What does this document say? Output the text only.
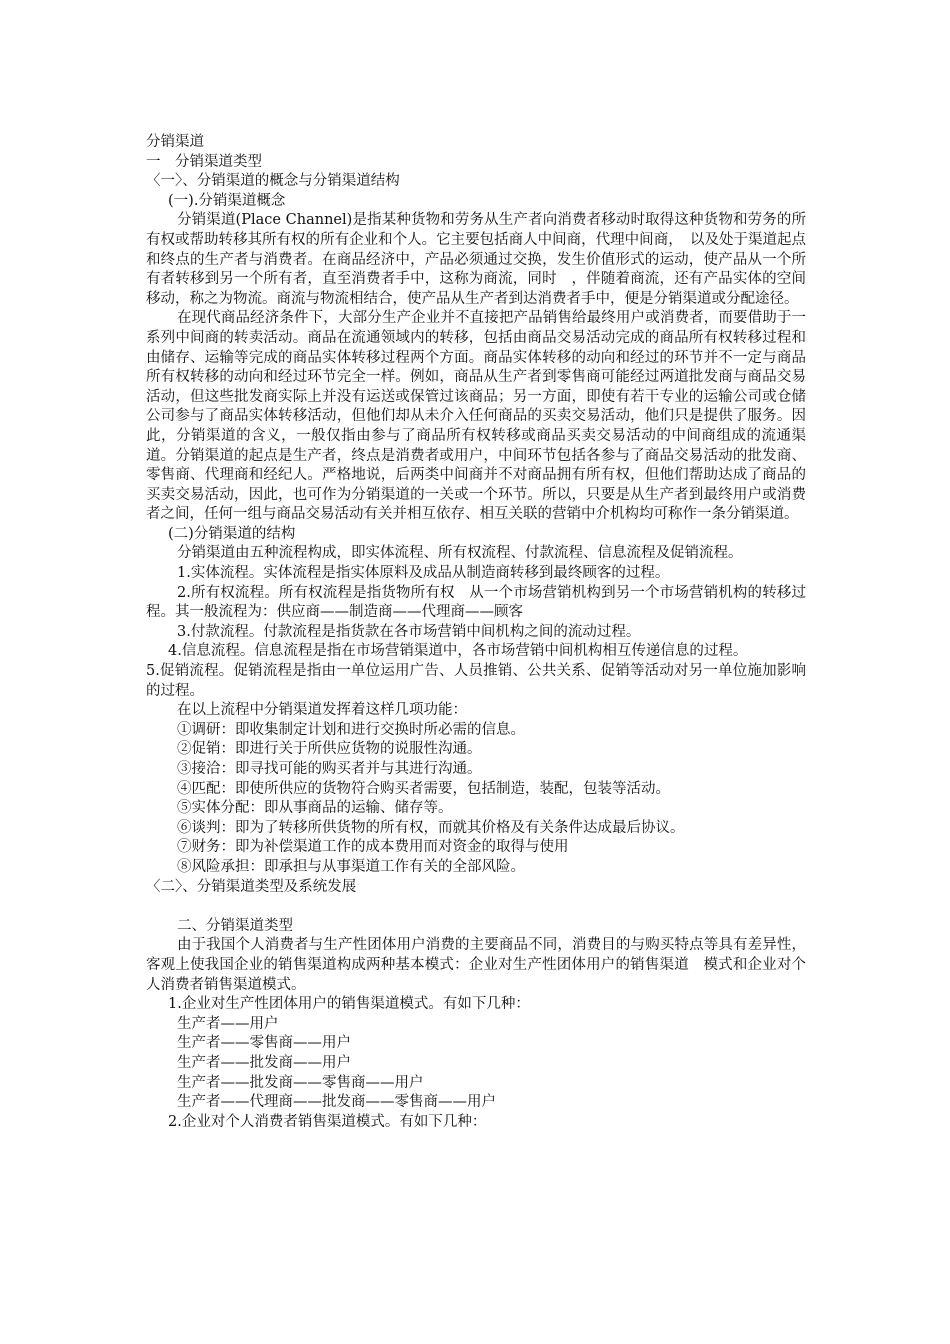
分销渠道

一　分销渠道类型

〈一〉、分销渠道的概念与分销渠道结构

(一).分销渠道概念

分销渠道(Place Channel)是指某种货物和劳务从生产者向消费者移动时取得这种货物和劳务的所有权或帮助转移其所有权的所有企业和个人。它主要包括商人中间商，代理中间商，　以及处于渠道起点和终点的生产者与消费者。在商品经济中，产品必须通过交换，发生价值形式的运动，使产品从一个所有者转移到另一个所有者，直至消费者手中，这称为商流，同时　，伴随着商流，还有产品实体的空间移动，称之为物流。商流与物流相结合，使产品从生产者到达消费者手中，便是分销渠道或分配途径。

在现代商品经济条件下，大部分生产企业并不直接把产品销售给最终用户或消费者，而要借助于一系列中间商的转卖活动。商品在流通领域内的转移，包括由商品交易活动完成的商品所有权转移过程和由储存、运输等完成的商品实体转移过程两个方面。商品实体转移的动向和经过的环节并不一定与商品所有权转移的动向和经过环节完全一样。例如，商品从生产者到零售商可能经过两道批发商与商品交易活动，但这些批发商实际上并没有运送或保管过该商品；另一方面，即使有若干专业的运输公司或仓储公司参与了商品实体转移活动，但他们却从未介入任何商品的买卖交易活动，他们只是提供了服务。因此，分销渠道的含义，一般仅指由参与了商品所有权转移或商品买卖交易活动的中间商组成的流通渠道。分销渠道的起点是生产者，终点是消费者或用户，中间环节包括各参与了商品交易活动的批发商、零售商、代理商和经纪人。严格地说，后两类中间商并不对商品拥有所有权，但他们帮助达成了商品的买卖交易活动，因此，也可作为分销渠道的一关或一个环节。所以，只要是从生产者到最终用户或消费者之间，任何一组与商品交易活动有关并相互依存、相互关联的营销中介机构均可称作一条分销渠道。

(二)分销渠道的结构

分销渠道由五种流程构成，即实体流程、所有权流程、付款流程、信息流程及促销流程。

1.实体流程。实体流程是指实体原料及成品从制造商转移到最终顾客的过程。

2.所有权流程。所有权流程是指货物所有权　从一个市场营销机构到另一个市场营销机构的转移过程。其一般流程为：供应商——制造商——代理商——顾客

3.付款流程。付款流程是指货款在各市场营销中间机构之间的流动过程。

4.信息流程。信息流程是指在市场营销渠道中，各市场营销中间机构相互传递信息的过程。

5.促销流程。促销流程是指由一单位运用广告、人员推销、公共关系、促销等活动对另一单位施加影响的过程。

在以上流程中分销渠道发挥着这样几项功能：

①调研：即收集制定计划和进行交换时所必需的信息。

②促销：即进行关于所供应货物的说服性沟通。

③接洽：即寻找可能的购买者并与其进行沟通。

④匹配：即使所供应的货物符合购买者需要，包括制造，装配，包装等活动。

⑤实体分配：即从事商品的运输、储存等。

⑥谈判：即为了转移所供货物的所有权，而就其价格及有关条件达成最后协议。

⑦财务：即为补偿渠道工作的成本费用而对资金的取得与使用

⑧风险承担：即承担与从事渠道工作有关的全部风险。

〈二〉、分销渠道类型及系统发展

二、分销渠道类型

由于我国个人消费者与生产性团体用户消费的主要商品不同，消费目的与购买特点等具有差异性，客观上使我国企业的销售渠道构成两种基本模式：企业对生产性团体用户的销售渠道　模式和企业对个人消费者销售渠道模式。

1.企业对生产性团体用户的销售渠道模式。有如下几种：

生产者——用户

生产者——零售商——用户

生产者——批发商——用户

生产者——批发商——零售商——用户

生产者——代理商——批发商——零售商——用户

2.企业对个人消费者销售渠道模式。有如下几种：
